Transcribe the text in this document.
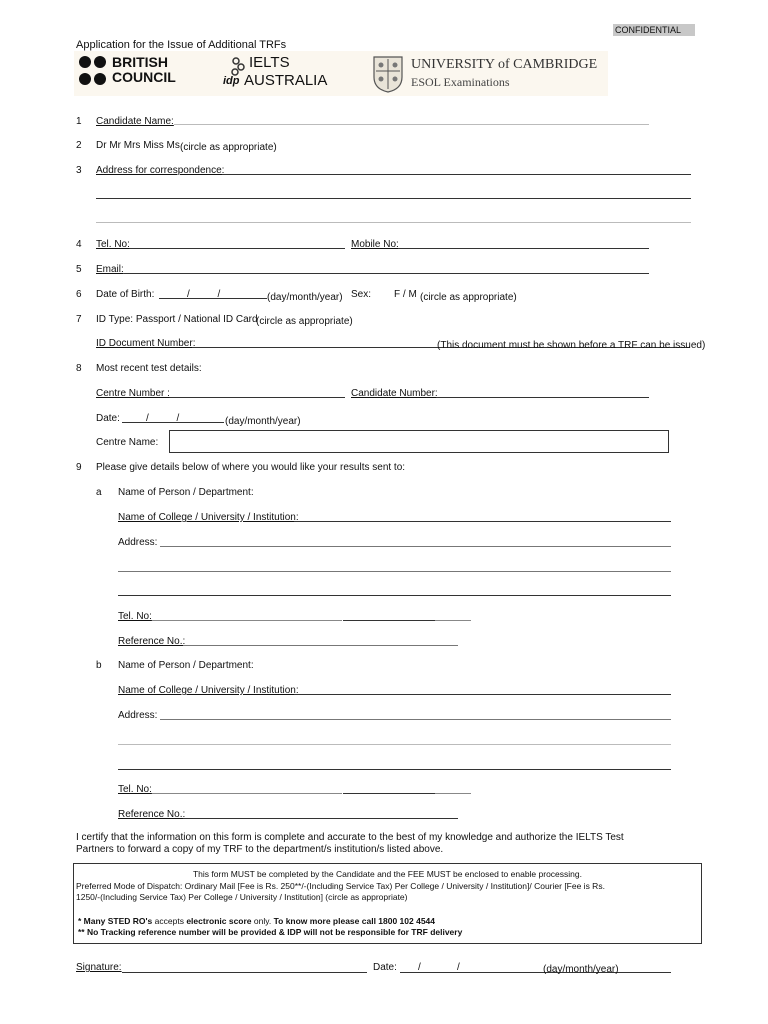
CONFIDENTIAL
Application for the Issue of Additional TRFs
BRITISH
COUNCIL
IELTS
idp AUSTRALIA
UNIVERSITY of CAMBRIDGE
ESOL Examinations
1 Candidate Name:
2 Dr Mr Mrs Miss Ms (circle as appropriate)
3 Address for correspondence:
4 Tel. No:	Mobile No:
5 Email:
6 Date of Birth:	/          /	(day/month/year) Sex: F / M (circle as appropriate)
7 ID Type: Passport / National ID Card
(circle as appropriate)
ID Document Number:	(This document must be shown before a TRF can be issued)
8 Most recent test details:
Centre Number :	Candidate Number:
Date:	/          /	(day/month/year)
Centre Name:
9 Please give details below of where you would like your results sent to:
a Name of Person / Department:
Name of College / University / Institution:
Address:
Tel. No:
Reference No.:
b Name of Person / Department:
Name of College / University / Institution:
Address:
Tel. No:
Reference No.:
I certify that the information on this form is complete and accurate to the best of my knowledge and authorize the IELTS Test
Partners to forward a copy of my TRF to the department/s institution/s listed above.
This form MUST be completed by the Candidate and the FEE MUST be enclosed to enable processing.
Preferred Mode of Dispatch: Ordinary Mail [Fee is Rs. 250**/-(Including Service Tax) Per College / University / Institution]/ Courier [Fee is Rs.
1250/-(Including Service Tax) Per College / University / Institution] (circle as appropriate)
* Many STED RO's accepts electronic score only. To know more please call 1800 102 4544
** No Tracking reference number will be provided & IDP will not be responsible for TRF delivery
Signature:	Date: /	/	(day/month/year)
